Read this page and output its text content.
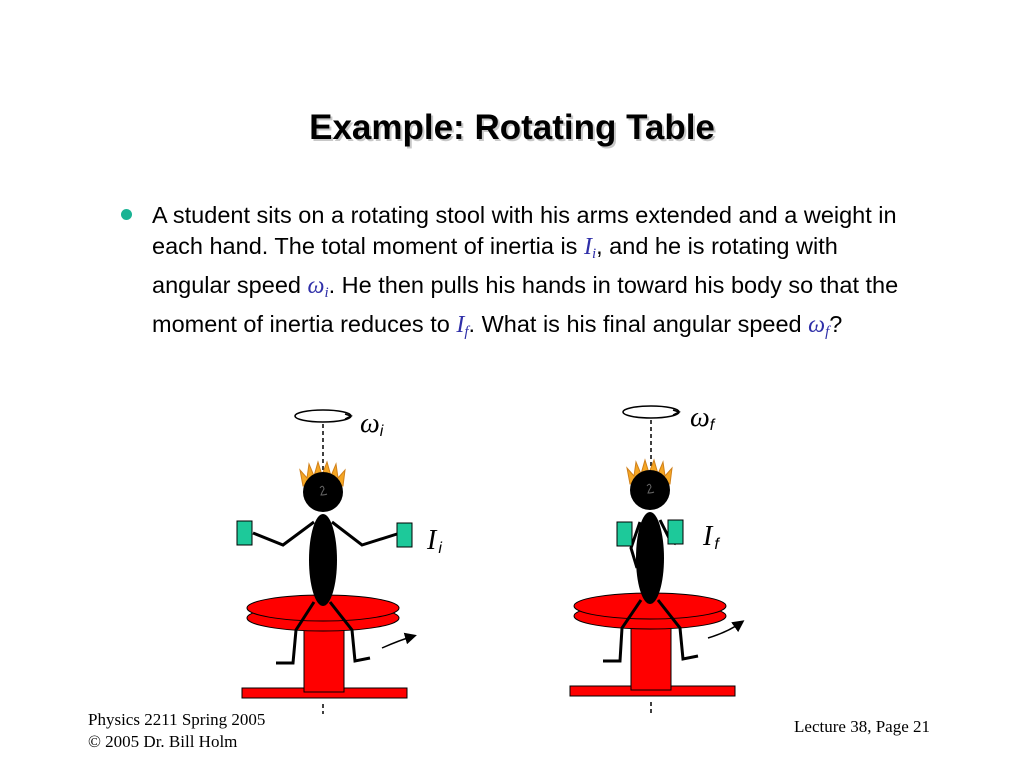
Example: Rotating Table
A student sits on a rotating stool with his arms extended and a weight in each hand. The total moment of inertia is $I_i$, and he is rotating with angular speed $\omega_i$. He then pulls his hands in toward his body so that the moment of inertia reduces to $I_f$. What is his final angular speed $\omega_f$?
ωi
Ii
ωf
If
Physics 2211 Spring 2005
© 2005 Dr. Bill Holm
Lecture 38, Page 21
